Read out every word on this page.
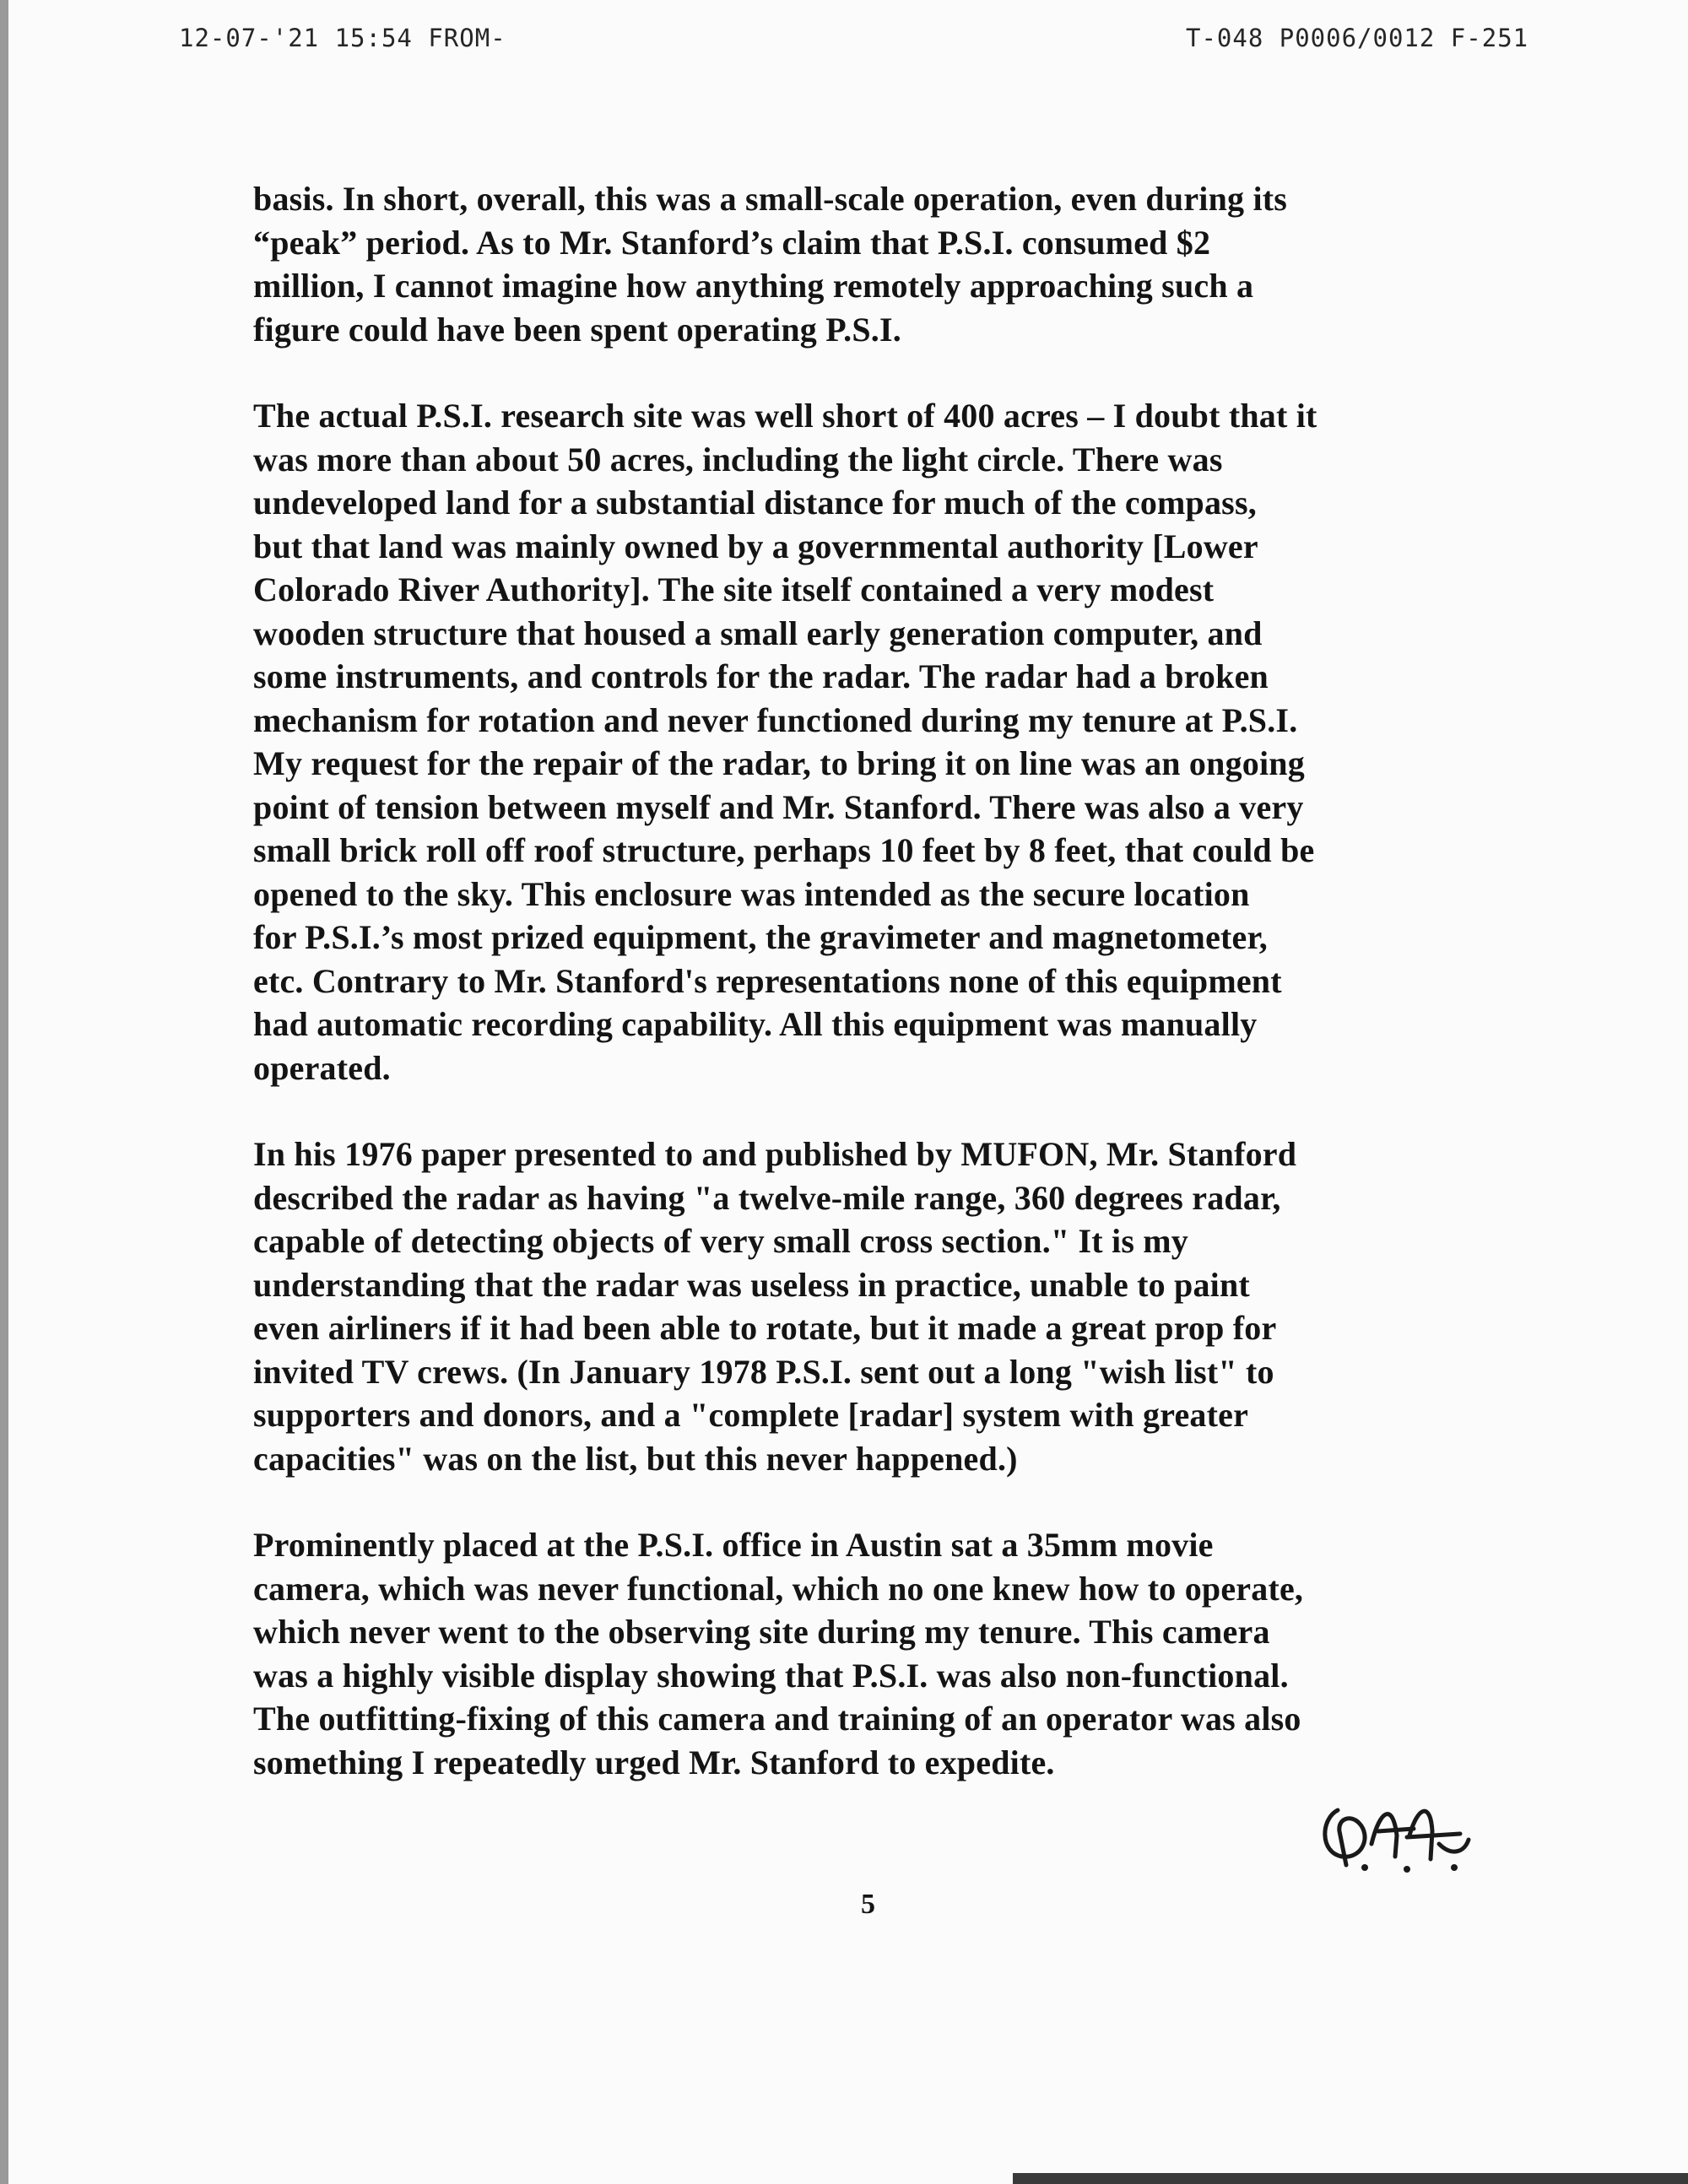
12-07-'21 15:54 FROM-	T-048 P0006/0012 F-251

basis. In short, overall, this was a small-scale operation, even during its
“peak” period. As to Mr. Stanford’s claim that P.S.I. consumed $2
million, I cannot imagine how anything remotely approaching such a
figure could have been spent operating P.S.I.

The actual P.S.I. research site was well short of 400 acres – I doubt that it
was more than about 50 acres, including the light circle. There was
undeveloped land for a substantial distance for much of the compass,
but that land was mainly owned by a governmental authority [Lower
Colorado River Authority]. The site itself contained a very modest
wooden structure that housed a small early generation computer, and
some instruments, and controls for the radar. The radar had a broken
mechanism for rotation and never functioned during my tenure at P.S.I.
My request for the repair of the radar, to bring it on line was an ongoing
point of tension between myself and Mr. Stanford. There was also a very
small brick roll off roof structure, perhaps 10 feet by 8 feet, that could be
opened to the sky. This enclosure was intended as the secure location
for P.S.I.’s most prized equipment, the gravimeter and magnetometer,
etc. Contrary to Mr. Stanford's representations none of this equipment
had automatic recording capability. All this equipment was manually
operated.

In his 1976 paper presented to and published by MUFON, Mr. Stanford
described the radar as having "a twelve-mile range, 360 degrees radar,
capable of detecting objects of very small cross section." It is my
understanding that the radar was useless in practice, unable to paint
even airliners if it had been able to rotate, but it made a great prop for
invited TV crews. (In January 1978 P.S.I. sent out a long "wish list" to
supporters and donors, and a "complete [radar] system with greater
capacities" was on the list, but this never happened.)

Prominently placed at the P.S.I. office in Austin sat a 35mm movie
camera, which was never functional, which no one knew how to operate,
which never went to the observing site during my tenure. This camera
was a highly visible display showing that P.S.I. was also non-functional.
The outfitting-fixing of this camera and training of an operator was also
something I repeatedly urged Mr. Stanford to expedite.

5
